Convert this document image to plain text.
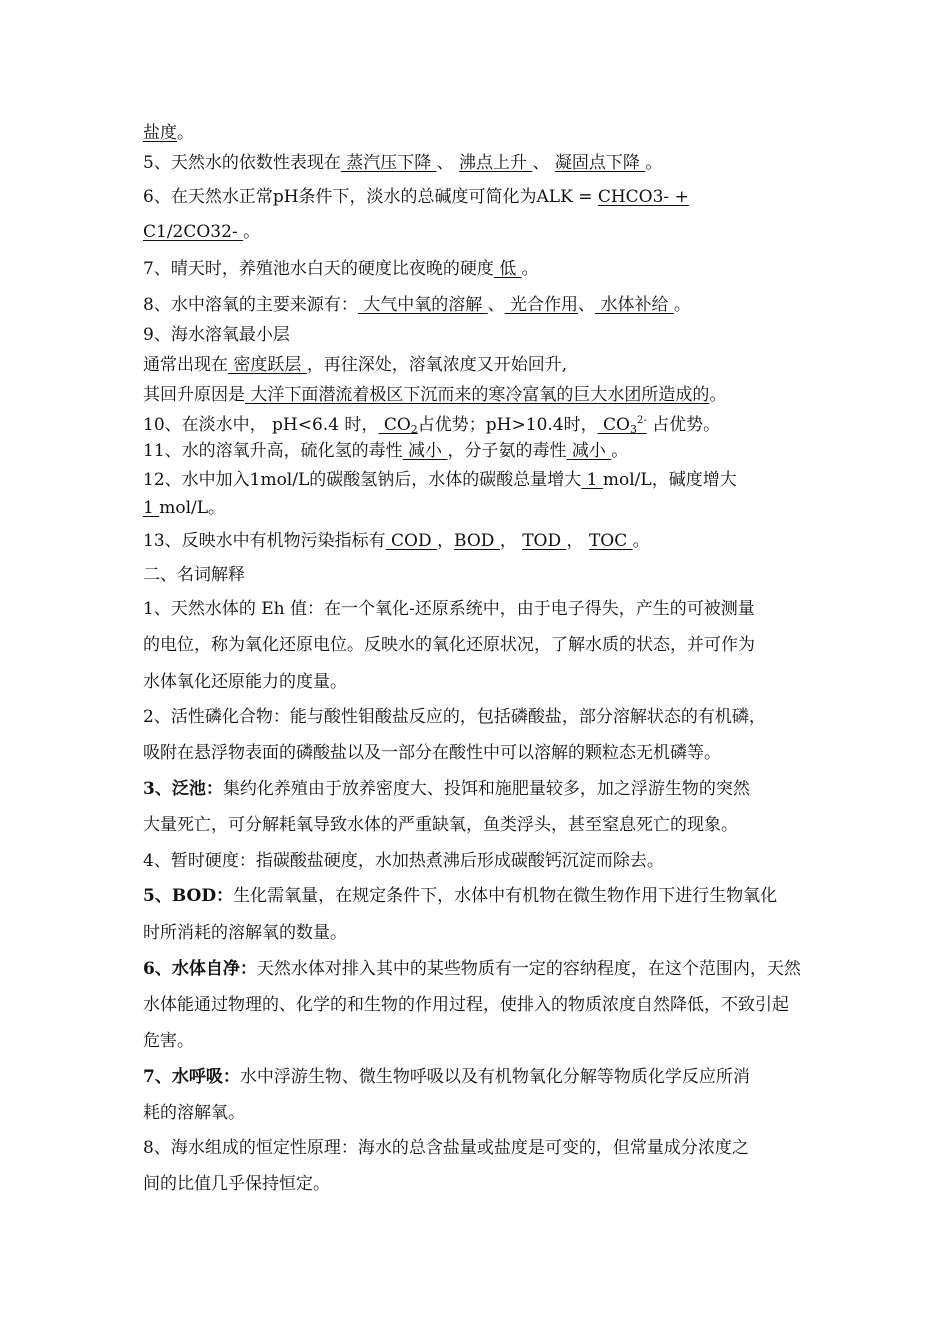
盐度。
5、天然水的依数性表现在 蒸汽压下降 、 沸点上升 、 凝固点下降 。
6、在天然水正常pH条件下，淡水的总碱度可简化为ALK = CHCO3- +
C1/2CO32- 。
7、晴天时，养殖池水白天的硬度比夜晚的硬度 低 。
8、水中溶氧的主要来源有： 大气中氧的溶解 、 光合作用、 水体补给 。
9、海水溶氧最小层
通常出现在 密度跃层 ，再往深处，溶氧浓度又开始回升,
其回升原因是 大洋下面潜流着极区下沉而来的寒冷富氧的巨大水团所造成的。
10、在淡水中， pH<6.4 时， $CO_2$占优势；pH>10.4时， $CO_3^{2-}$ 占优势。
11、水的溶氧升高，硫化氢的毒性 减小 ，分子氨的毒性 减小 。
12、水中加入1mol/L的碳酸氢钠后，水体的碳酸总量增大 1 mol/L，碱度增大
1 mol/L。
13、反映水中有机物污染指标有 COD ，BOD ， TOD ， TOC 。
二、名词解释
1、天然水体的 Eh 值：在一个氧化-还原系统中，由于电子得失，产生的可被测量
的电位，称为氧化还原电位。反映水的氧化还原状况，了解水质的状态，并可作为
水体氧化还原能力的度量。
2、活性磷化合物：能与酸性钼酸盐反应的，包括磷酸盐，部分溶解状态的有机磷，
吸附在悬浮物表面的磷酸盐以及一部分在酸性中可以溶解的颗粒态无机磷等。
3、泛池：集约化养殖由于放养密度大、投饵和施肥量较多，加之浮游生物的突然
大量死亡，可分解耗氧导致水体的严重缺氧，鱼类浮头，甚至窒息死亡的现象。
4、暂时硬度：指碳酸盐硬度，水加热煮沸后形成碳酸钙沉淀而除去。
5、BOD：生化需氧量，在规定条件下，水体中有机物在微生物作用下进行生物氧化
时所消耗的溶解氧的数量。
6、水体自净：天然水体对排入其中的某些物质有一定的容纳程度，在这个范围内，天然
水体能通过物理的、化学的和生物的作用过程，使排入的物质浓度自然降低，不致引起
危害。
7、水呼吸：水中浮游生物、微生物呼吸以及有机物氧化分解等物质化学反应所消
耗的溶解氧。
8、海水组成的恒定性原理：海水的总含盐量或盐度是可变的，但常量成分浓度之
间的比值几乎保持恒定。
